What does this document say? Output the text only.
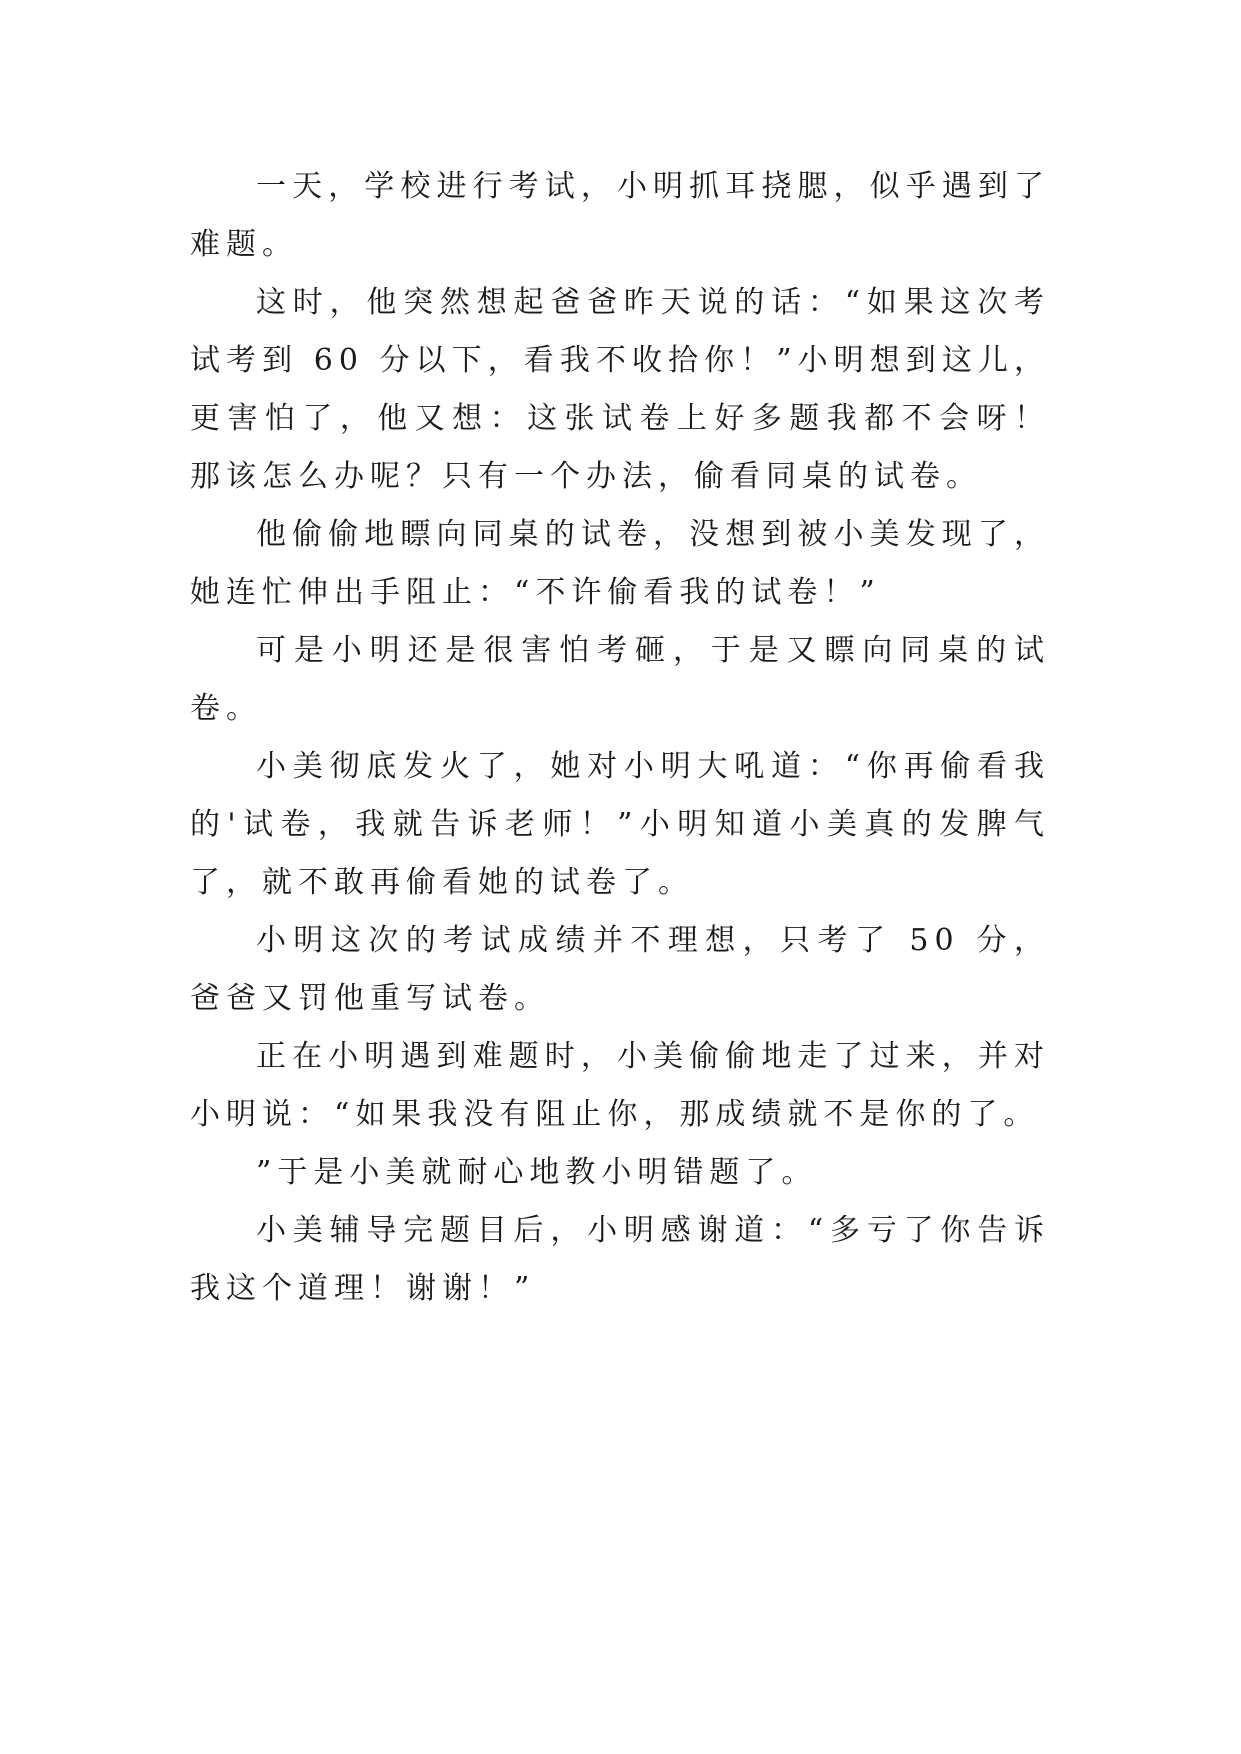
一天，学校进行考试，小明抓耳挠腮，似乎遇到了难题。

这时，他突然想起爸爸昨天说的话：“如果这次考试考到 60 分以下，看我不收拾你！”小明想到这儿，更害怕了，他又想：这张试卷上好多题我都不会呀！那该怎么办呢？只有一个办法，偷看同桌的试卷。

他偷偷地瞟向同桌的试卷，没想到被小美发现了，她连忙伸出手阻止：“不许偷看我的试卷！”

可是小明还是很害怕考砸，于是又瞟向同桌的试卷。

小美彻底发火了，她对小明大吼道：“你再偷看我的'试卷，我就告诉老师！”小明知道小美真的发脾气了，就不敢再偷看她的试卷了。

小明这次的考试成绩并不理想，只考了 50 分，爸爸又罚他重写试卷。

正在小明遇到难题时，小美偷偷地走了过来，并对小明说：“如果我没有阻止你，那成绩就不是你的了。

”于是小美就耐心地教小明错题了。

小美辅导完题目后，小明感谢道：“多亏了你告诉我这个道理！谢谢！”
